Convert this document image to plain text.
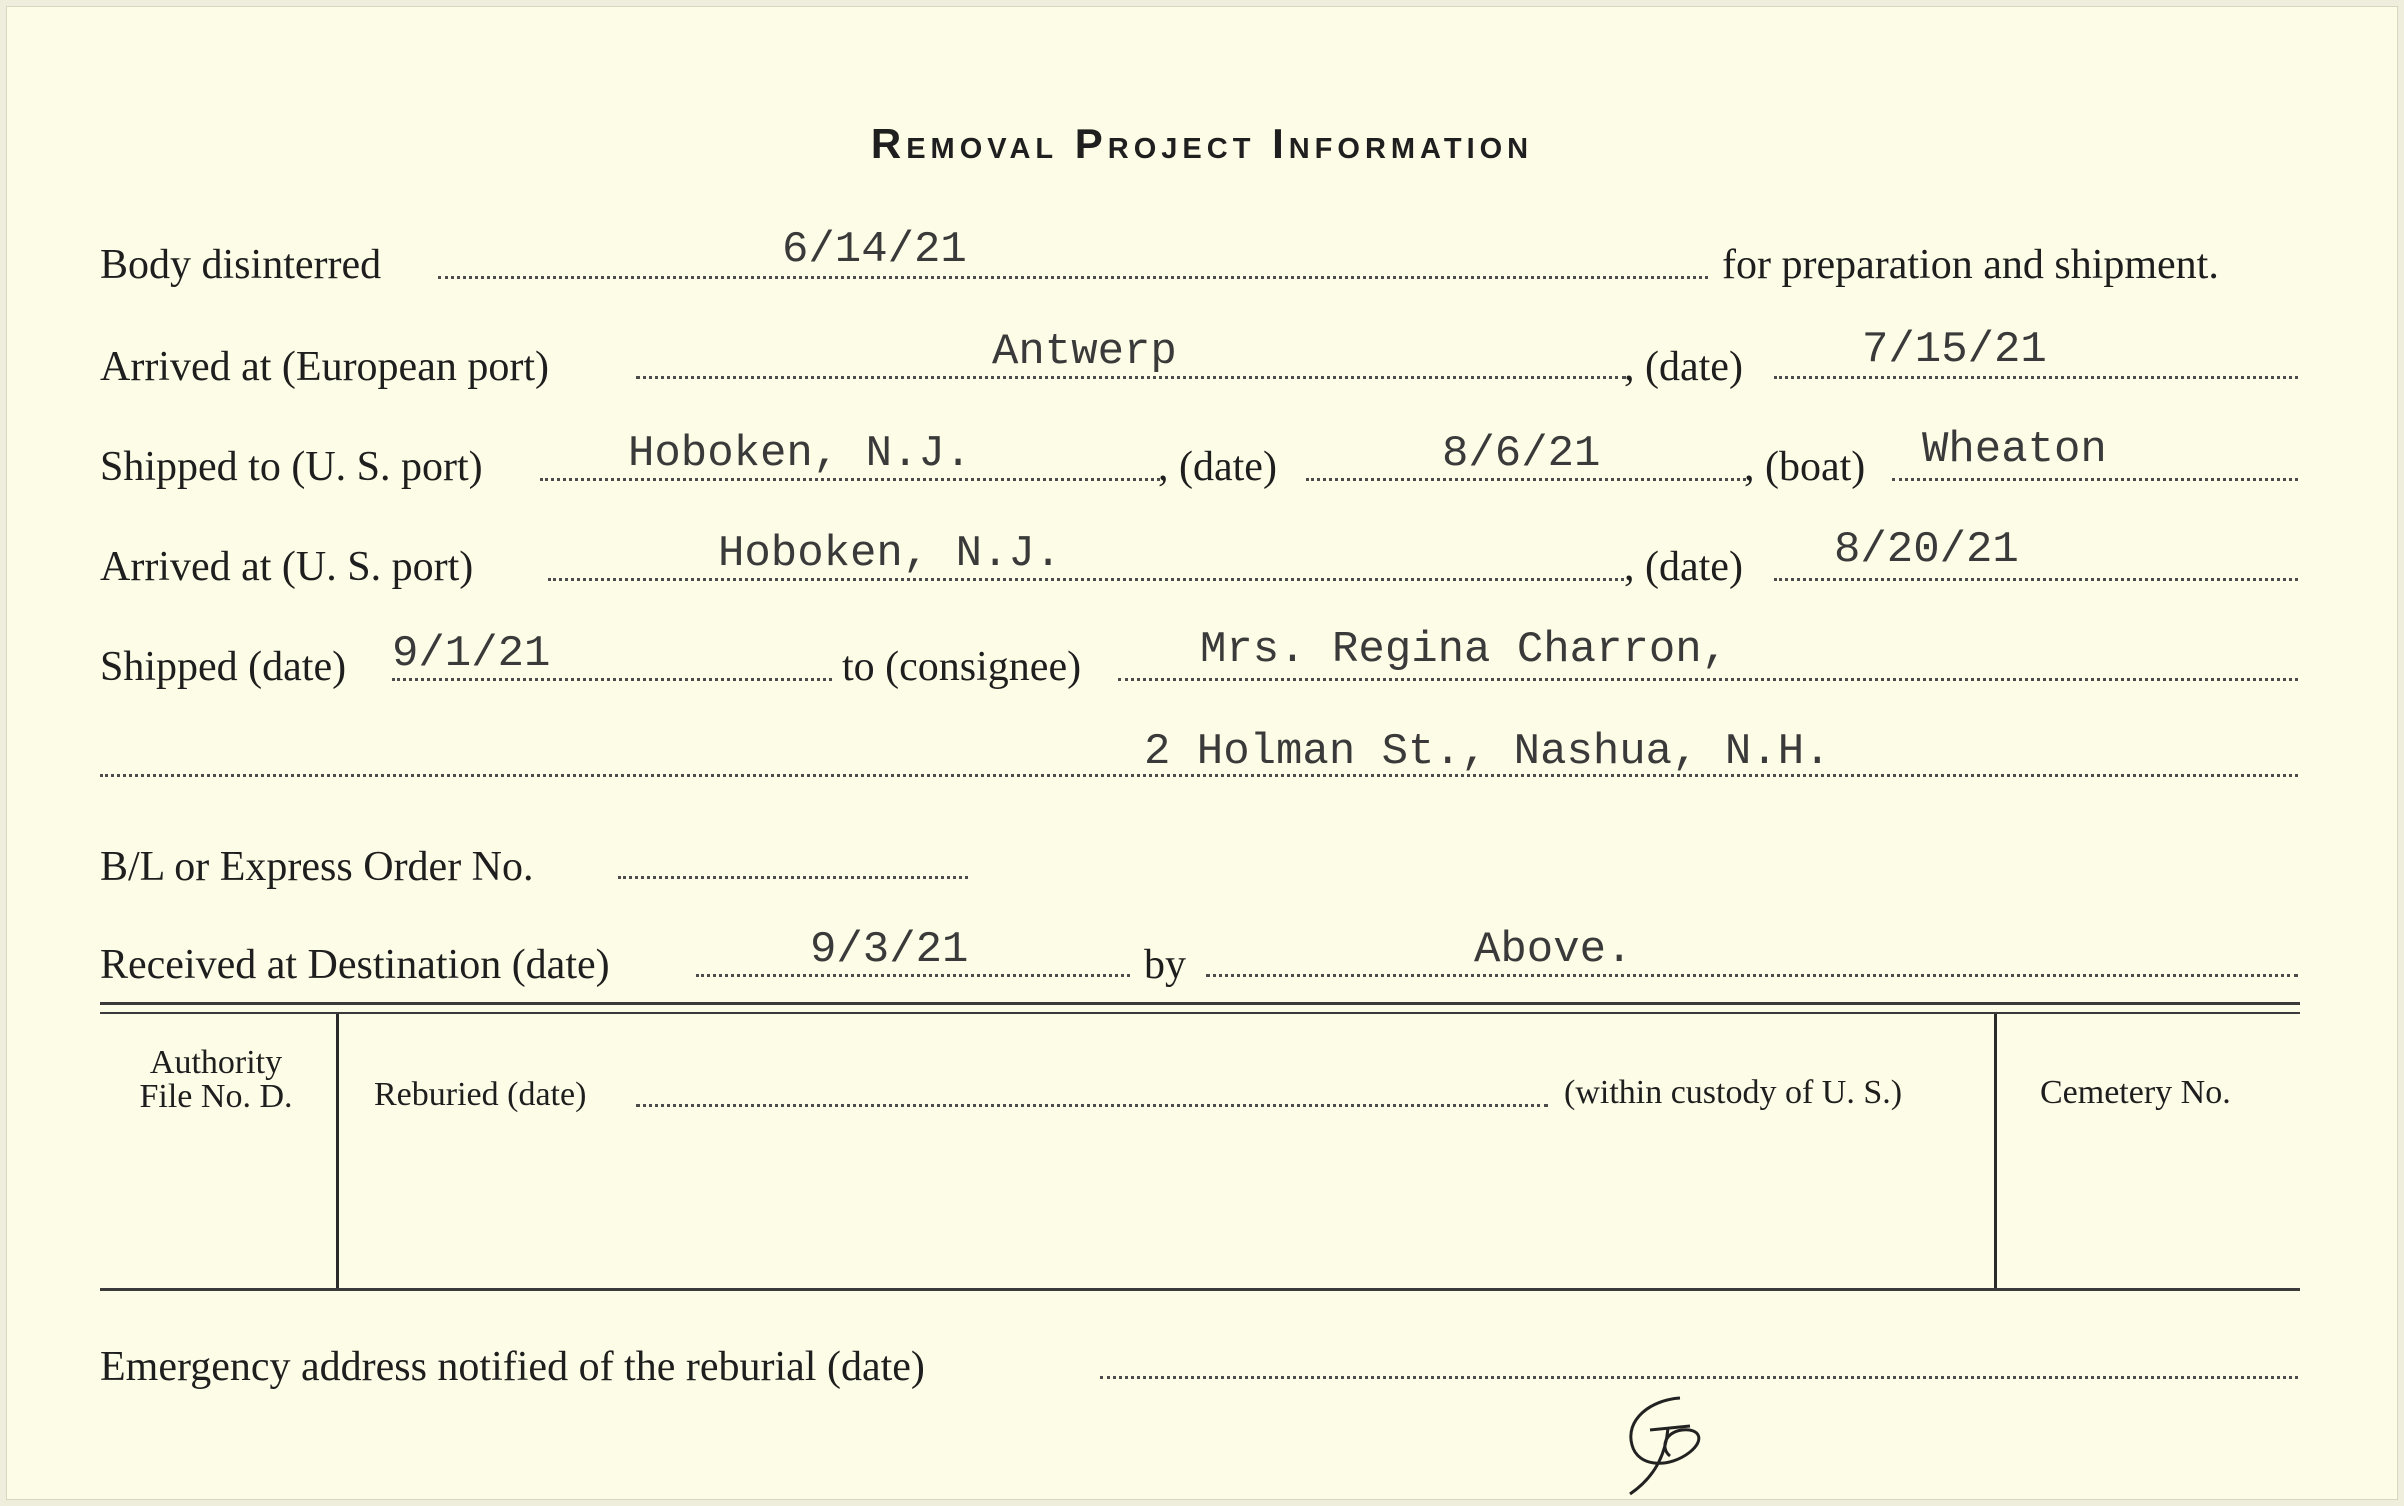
Removal Project Information
Body disinterred	6/14/21	for preparation and shipment.
Arrived at (European port)	Antwerp	, (date)	7/15/21
Shipped to (U. S. port)	Hoboken, N.J.	, (date)	8/6/21	, (boat) Wheaton
Arrived at (U. S. port)	Hoboken, N.J.	, (date) 8/20/21
Shipped (date) 9/1/21	to (consignee)	Mrs. Regina Charron,
2 Holman St., Nashua, N.H.
B/L or Express Order No.
Received at Destination (date)	9/3/21	by	Above.
Authority
File No. D.	Reburied (date)	(within custody of U. S.)	Cemetery No.
Emergency address notified of the reburial (date)
